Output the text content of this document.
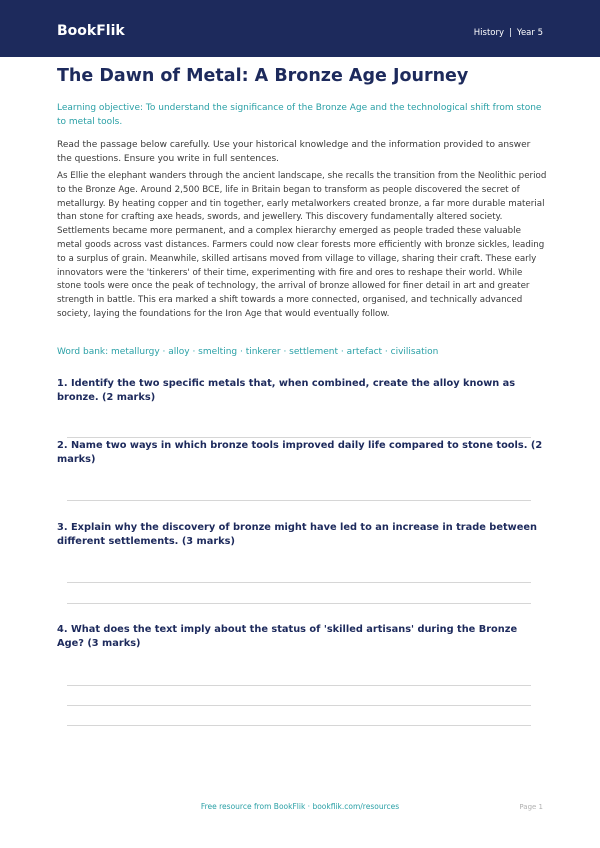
BookFlik	History | Year 5
The Dawn of Metal: A Bronze Age Journey
Learning objective: To understand the significance of the Bronze Age and the technological shift from stone to metal tools.
Read the passage below carefully. Use your historical knowledge and the information provided to answer the questions. Ensure you write in full sentences.
As Ellie the elephant wanders through the ancient landscape, she recalls the transition from the Neolithic period to the Bronze Age. Around 2,500 BCE, life in Britain began to transform as people discovered the secret of metallurgy. By heating copper and tin together, early metalworkers created bronze, a far more durable material than stone for crafting axe heads, swords, and jewellery. This discovery fundamentally altered society. Settlements became more permanent, and a complex hierarchy emerged as people traded these valuable metal goods across vast distances. Farmers could now clear forests more efficiently with bronze sickles, leading to a surplus of grain. Meanwhile, skilled artisans moved from village to village, sharing their craft. These early innovators were the 'tinkerers' of their time, experimenting with fire and ores to reshape their world. While stone tools were once the peak of technology, the arrival of bronze allowed for finer detail in art and greater strength in battle. This era marked a shift towards a more connected, organised, and technically advanced society, laying the foundations for the Iron Age that would eventually follow.
Word bank: metallurgy · alloy · smelting · tinkerer · settlement · artefact · civilisation
1. Identify the two specific metals that, when combined, create the alloy known as bronze. (2 marks)
2. Name two ways in which bronze tools improved daily life compared to stone tools. (2 marks)
3. Explain why the discovery of bronze might have led to an increase in trade between different settlements. (3 marks)
4. What does the text imply about the status of 'skilled artisans' during the Bronze Age? (3 marks)
Free resource from BookFlik · bookflik.com/resources	Page 1
